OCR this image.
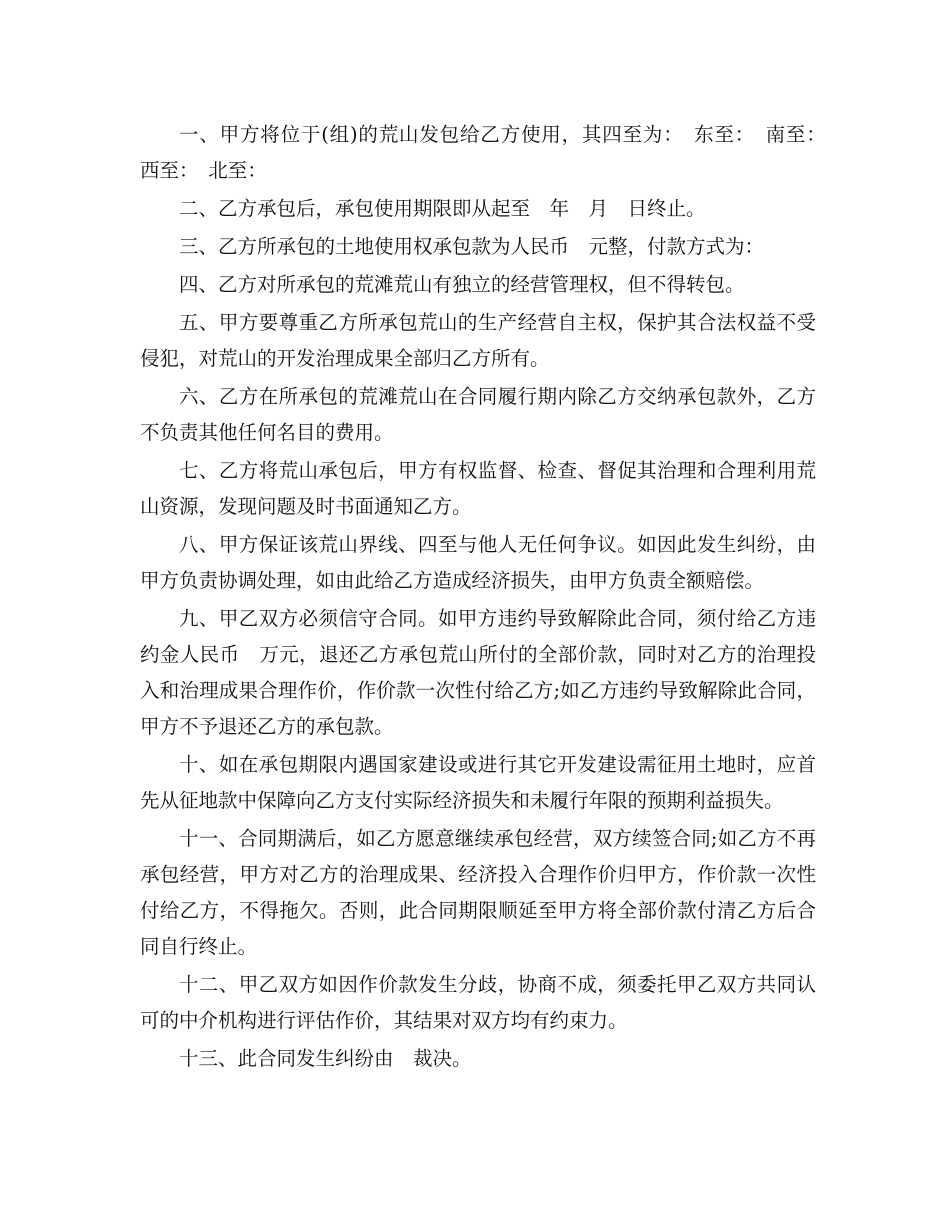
一、甲方将位于(组)的荒山发包给乙方使用，其四至为：　东至：　南至：　西至：　北至：

二、乙方承包后，承包使用期限即从起至　年　月　日终止。

三、乙方所承包的土地使用权承包款为人民币　元整，付款方式为：

四、乙方对所承包的荒滩荒山有独立的经营管理权，但不得转包。

五、甲方要尊重乙方所承包荒山的生产经营自主权，保护其合法权益不受侵犯，对荒山的开发治理成果全部归乙方所有。

六、乙方在所承包的荒滩荒山在合同履行期内除乙方交纳承包款外，乙方不负责其他任何名目的费用。

七、乙方将荒山承包后，甲方有权监督、检查、督促其治理和合理利用荒山资源，发现问题及时书面通知乙方。

八、甲方保证该荒山界线、四至与他人无任何争议。如因此发生纠纷，由甲方负责协调处理，如由此给乙方造成经济损失，由甲方负责全额赔偿。

九、甲乙双方必须信守合同。如甲方违约导致解除此合同，须付给乙方违约金人民币　万元，退还乙方承包荒山所付的全部价款，同时对乙方的治理投入和治理成果合理作价，作价款一次性付给乙方;如乙方违约导致解除此合同，甲方不予退还乙方的承包款。

十、如在承包期限内遇国家建设或进行其它开发建设需征用土地时，应首先从征地款中保障向乙方支付实际经济损失和未履行年限的预期利益损失。

十一、合同期满后，如乙方愿意继续承包经营，双方续签合同;如乙方不再承包经营，甲方对乙方的治理成果、经济投入合理作价归甲方，作价款一次性付给乙方，不得拖欠。否则，此合同期限顺延至甲方将全部价款付清乙方后合同自行终止。

十二、甲乙双方如因作价款发生分歧，协商不成，须委托甲乙双方共同认可的中介机构进行评估作价，其结果对双方均有约束力。

十三、此合同发生纠纷由　裁决。
